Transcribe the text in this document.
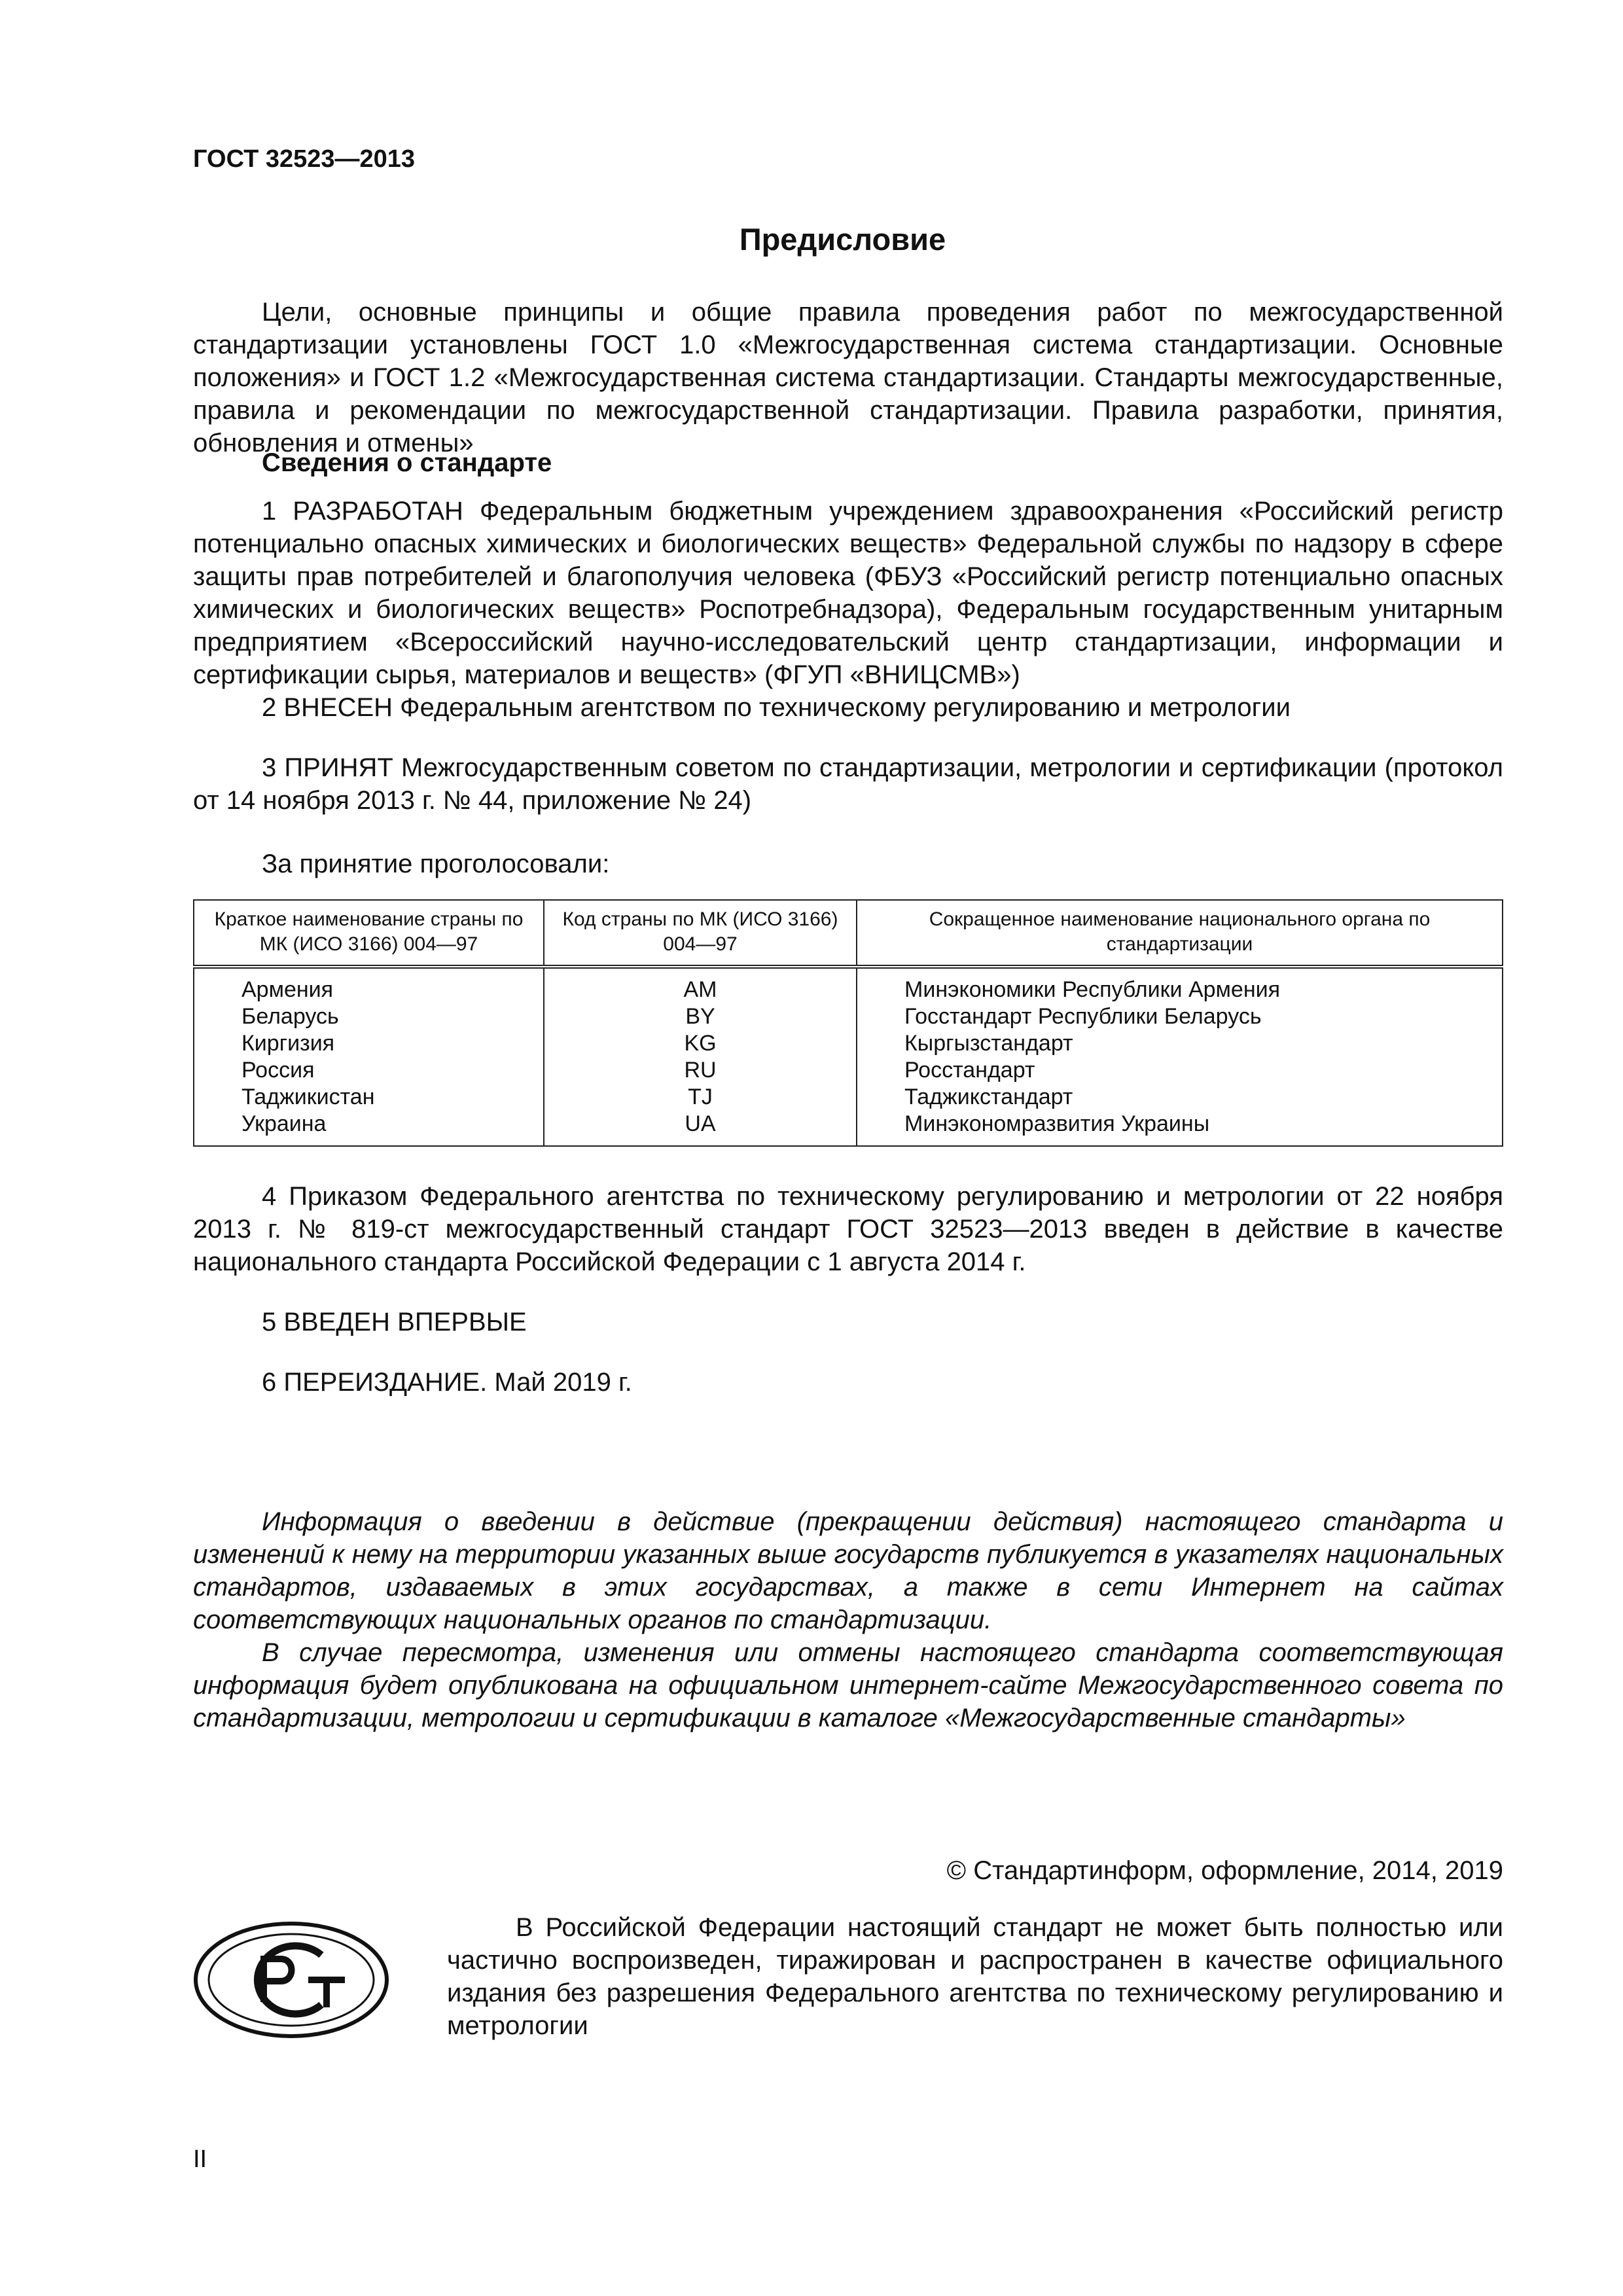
ГОСТ 32523—2013
Предисловие

Цели, основные принципы и общие правила проведения работ по межгосударственной стандартизации установлены ГОСТ 1.0 «Межгосударственная система стандартизации. Основные положения» и ГОСТ 1.2 «Межгосударственная система стандартизации. Стандарты межгосударственные, правила и рекомендации по межгосударственной стандартизации. Правила разработки, принятия, обновления и отмены»

Сведения о стандарте

1 РАЗРАБОТАН Федеральным бюджетным учреждением здравоохранения «Российский регистр потенциально опасных химических и биологических веществ» Федеральной службы по надзору в сфере защиты прав потребителей и благополучия человека (ФБУЗ «Российский регистр потенциально опасных химических и биологических веществ» Роспотребнадзора), Федеральным государственным унитарным предприятием «Всероссийский научно-исследовательский центр стандартизации, информации и сертификации сырья, материалов и веществ» (ФГУП «ВНИЦСМВ»)

2 ВНЕСЕН Федеральным агентством по техническому регулированию и метрологии

3 ПРИНЯТ Межгосударственным советом по стандартизации, метрологии и сертификации (протокол от 14 ноября 2013 г. № 44, приложение № 24)

За принятие проголосовали:
Краткое наименование страны по МК (ИСО 3166) 004—97	Код страны по МК (ИСО 3166) 004—97	Сокращенное наименование национального органа по стандартизации
Армения	AM	Минэкономики Республики Армения
Беларусь	BY	Госстандарт Республики Беларусь
Киргизия	KG	Кыргызстандарт
Россия	RU	Росстандарт
Таджикистан	TJ	Таджикстандарт
Украина	UA	Минэкономразвития Украины

4 Приказом Федерального агентства по техническому регулированию и метрологии от 22 ноября 2013 г. № 819-ст межгосударственный стандарт ГОСТ 32523—2013 введен в действие в качестве национального стандарта Российской Федерации с 1 августа 2014 г.

5 ВВЕДЕН ВПЕРВЫЕ
6 ПЕРЕИЗДАНИЕ. Май 2019 г.

Информация о введении в действие (прекращении действия) настоящего стандарта и изменений к нему на территории указанных выше государств публикуется в указателях национальных стандартов, издаваемых в этих государствах, а также в сети Интернет на сайтах соответствующих национальных органов по стандартизации.

В случае пересмотра, изменения или отмены настоящего стандарта соответствующая информация будет опубликована на официальном интернет-сайте Межгосударственного совета по стандартизации, метрологии и сертификации в каталоге «Межгосударственные стандарты»

© Стандартинформ, оформление, 2014, 2019

В Российской Федерации настоящий стандарт не может быть полностью или частично воспроизведен, тиражирован и распространен в качестве официального издания без разрешения Федерального агентства по техническому регулированию и метрологии

II
